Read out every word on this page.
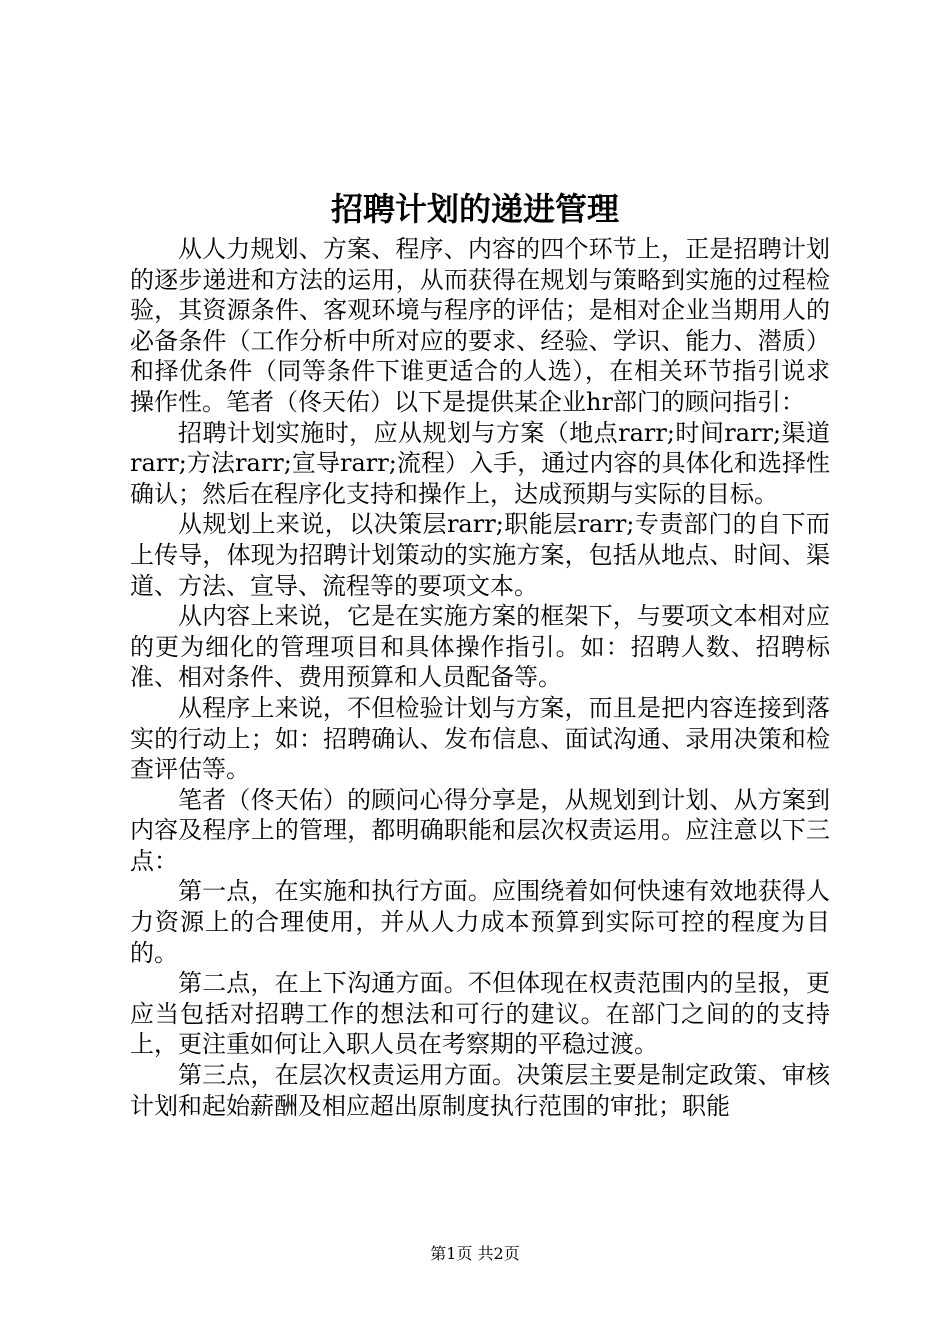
招聘计划的递进管理

从人力规划、方案、程序、内容的四个环节上，正是招聘计划的逐步递进和方法的运用，从而获得在规划与策略到实施的过程检验，其资源条件、客观环境与程序的评估；是相对企业当期用人的必备条件（工作分析中所对应的要求、经验、学识、能力、潜质）和择优条件（同等条件下谁更适合的人选），在相关环节指引说求操作性。笔者（佟天佑）以下是提供某企业hr部门的顾问指引：

招聘计划实施时，应从规划与方案（地点rarr;时间rarr;渠道rarr;方法rarr;宣导rarr;流程）入手，通过内容的具体化和选择性确认；然后在程序化支持和操作上，达成预期与实际的目标。

从规划上来说，以决策层rarr;职能层rarr;专责部门的自下而上传导，体现为招聘计划策动的实施方案，包括从地点、时间、渠道、方法、宣导、流程等的要项文本。

从内容上来说，它是在实施方案的框架下，与要项文本相对应的更为细化的管理项目和具体操作指引。如：招聘人数、招聘标准、相对条件、费用预算和人员配备等。

从程序上来说，不但检验计划与方案，而且是把内容连接到落实的行动上；如：招聘确认、发布信息、面试沟通、录用决策和检查评估等。

笔者（佟天佑）的顾问心得分享是，从规划到计划、从方案到内容及程序上的管理，都明确职能和层次权责运用。应注意以下三点：

第一点，在实施和执行方面。应围绕着如何快速有效地获得人力资源上的合理使用，并从人力成本预算到实际可控的程度为目的。

第二点，在上下沟通方面。不但体现在权责范围内的呈报，更应当包括对招聘工作的想法和可行的建议。在部门之间的的支持上，更注重如何让入职人员在考察期的平稳过渡。

第三点，在层次权责运用方面。决策层主要是制定政策、审核计划和起始薪酬及相应超出原制度执行范围的审批；职能

第1页 共2页
